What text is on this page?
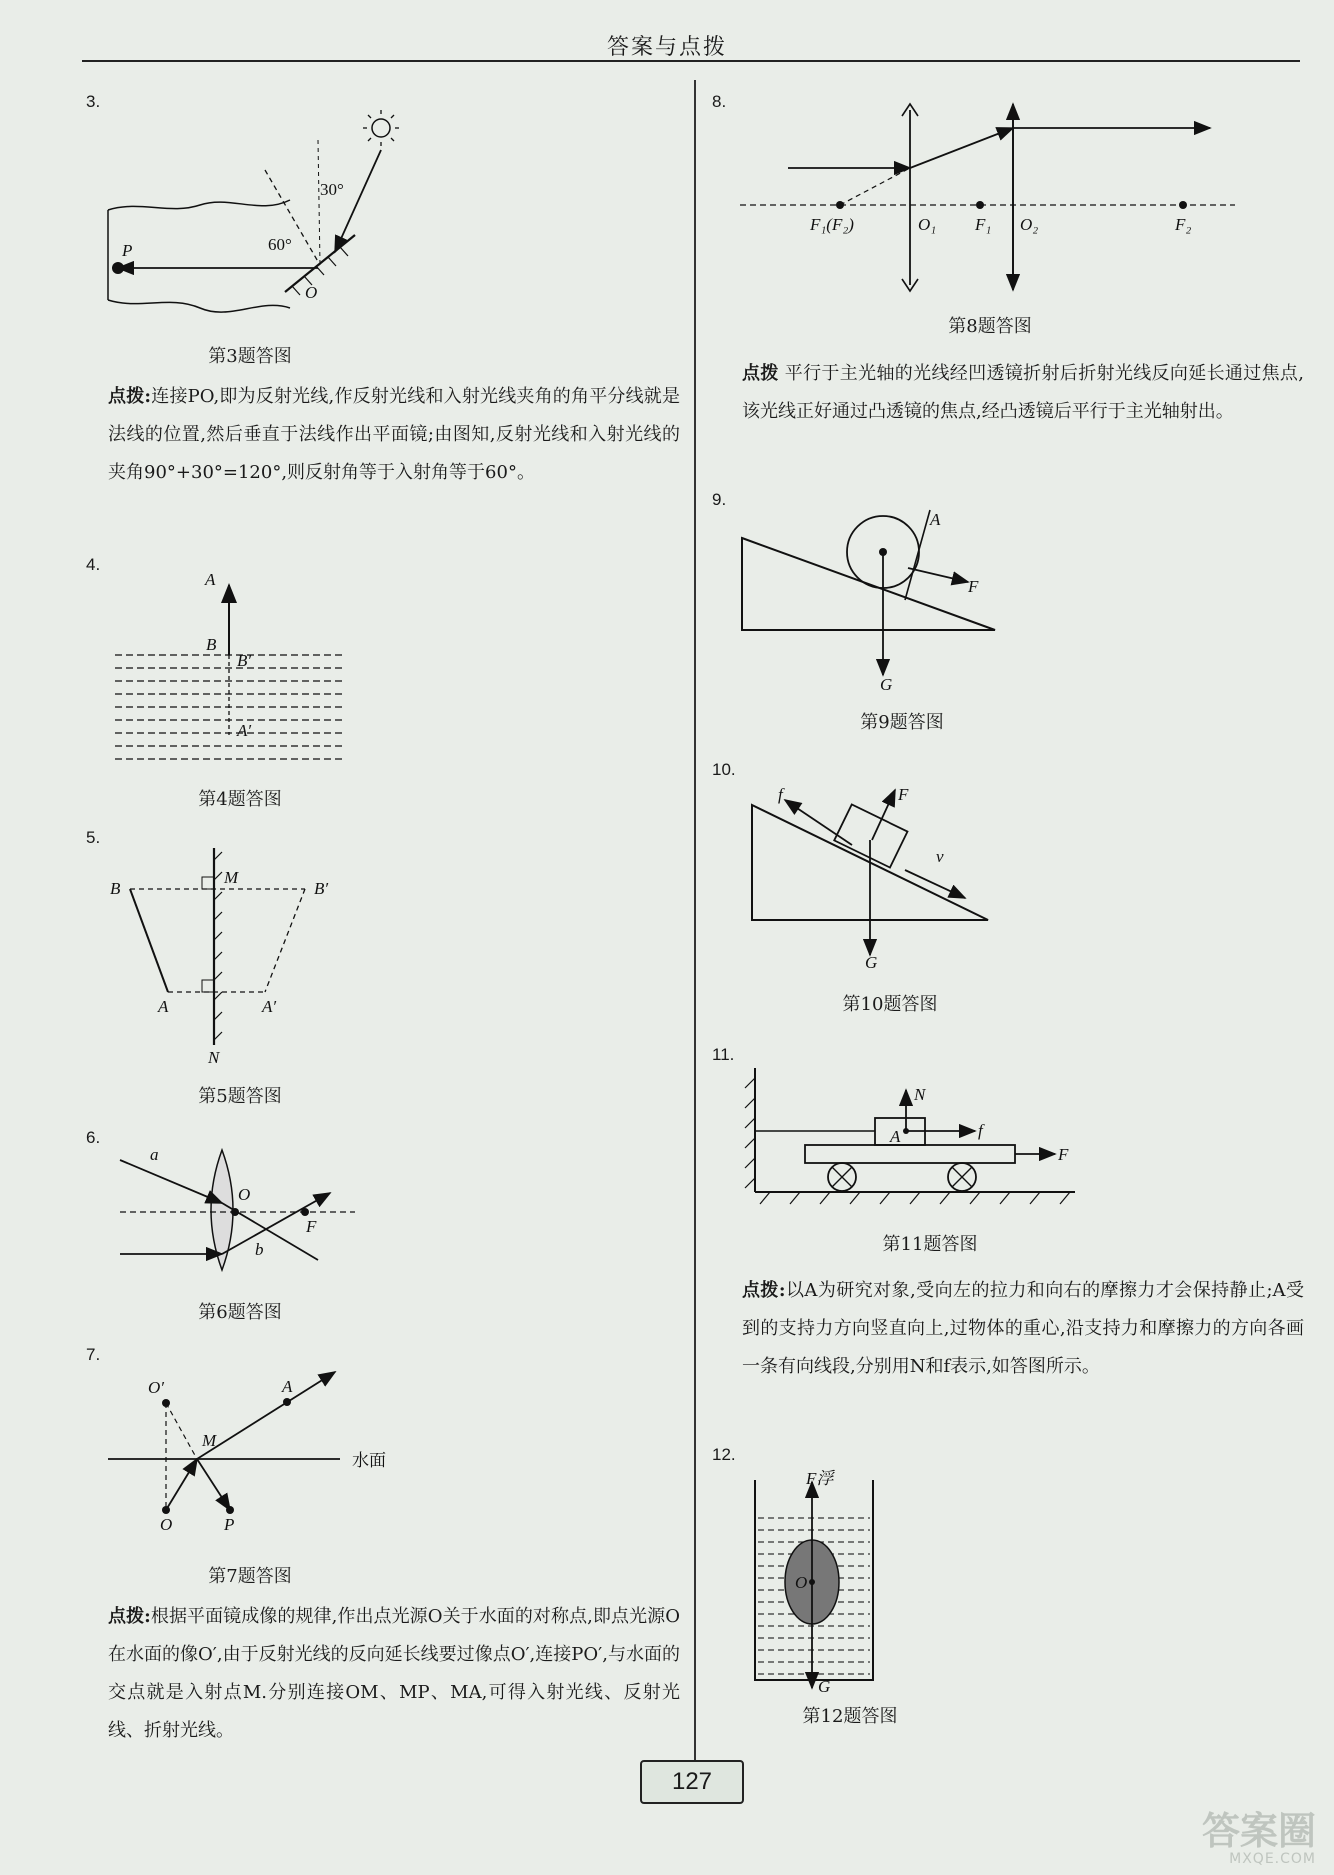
答案与点拨
3.
P
O
30°
60°
第3题答图
点拨:连接PO,即为反射光线,作反射光线和入射光线夹角的角平分线就是法线的位置,然后垂直于法线作出平面镜;由图知,反射光线和入射光线的夹角90°+30°=120°,则反射角等于入射角等于60°。
4.
A
B
B′
A′
第4题答图
5.
M
N
B	B′
A	A′
第5题答图
6.
a
b
O
F
第6题答图
7.
O′
M
A
O	P
水面
第7题答图
点拨:根据平面镜成像的规律,作出点光源O关于水面的对称点,即点光源O在水面的像O′,由于反射光线的反向延长线要过像点O′,连接PO′,与水面的交点就是入射点M.分别连接OM、MP、MA,可得入射光线、反射光线、折射光线。
8.
F₁(F₂)	O₁ F₁ O₂	F₂
第8题答图
点拨 平行于主光轴的光线经凹透镜折射后折射光线反向延长通过焦点,该光线正好通过凸透镜的焦点,经凸透镜后平行于主光轴射出。
9.
A
F
G
第9题答图
10.
f	F
v
G
第10题答图
11.
N
A	f
F
第11题答图
点拨:以A为研究对象,受向左的拉力和向右的摩擦力才会保持静止;A受到的支持力方向竖直向上,过物体的重心,沿支持力和摩擦力的方向各画一条有向线段,分别用N和f表示,如答图所示。
12.
F浮
O
G
第12题答图
127
答案圈
MXQE.COM
